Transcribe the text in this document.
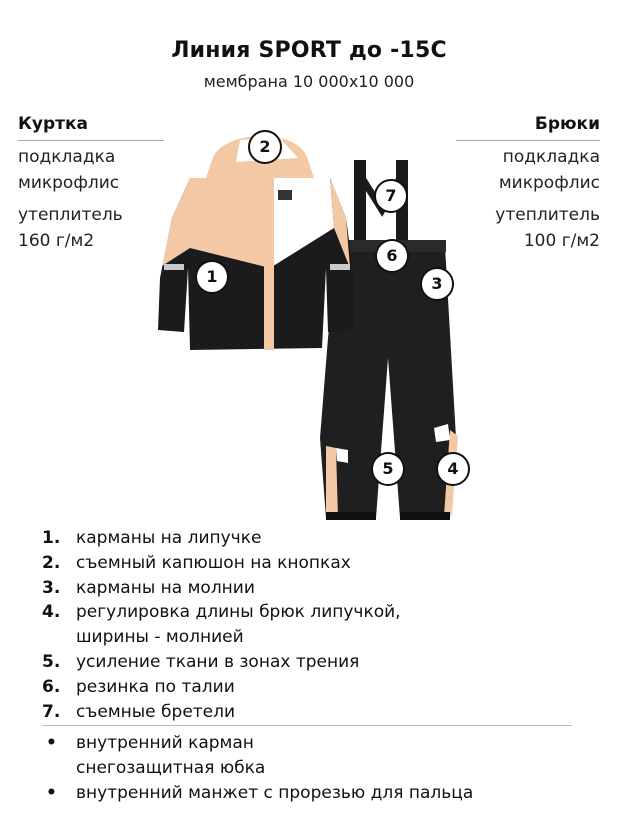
Линия SPORT до -15С
мембрана 10 000х10 000
Куртка
подкладка
микрофлис
утеплитель
160 г/м2
Брюки
подкладка
микрофлис
утеплитель
100 г/м2
1
2
3
4
5
6
7
1. карманы на липучке
2. съемный капюшон на кнопках
3. карманы на молнии
4. регулировка длины брюк липучкой,
ширины - молнией
5. усиление ткани в зонах трения
6. резинка по талии
7. съемные бретели
• внутренний карман
снегозащитная юбка
• внутренний манжет с прорезью для пальца
